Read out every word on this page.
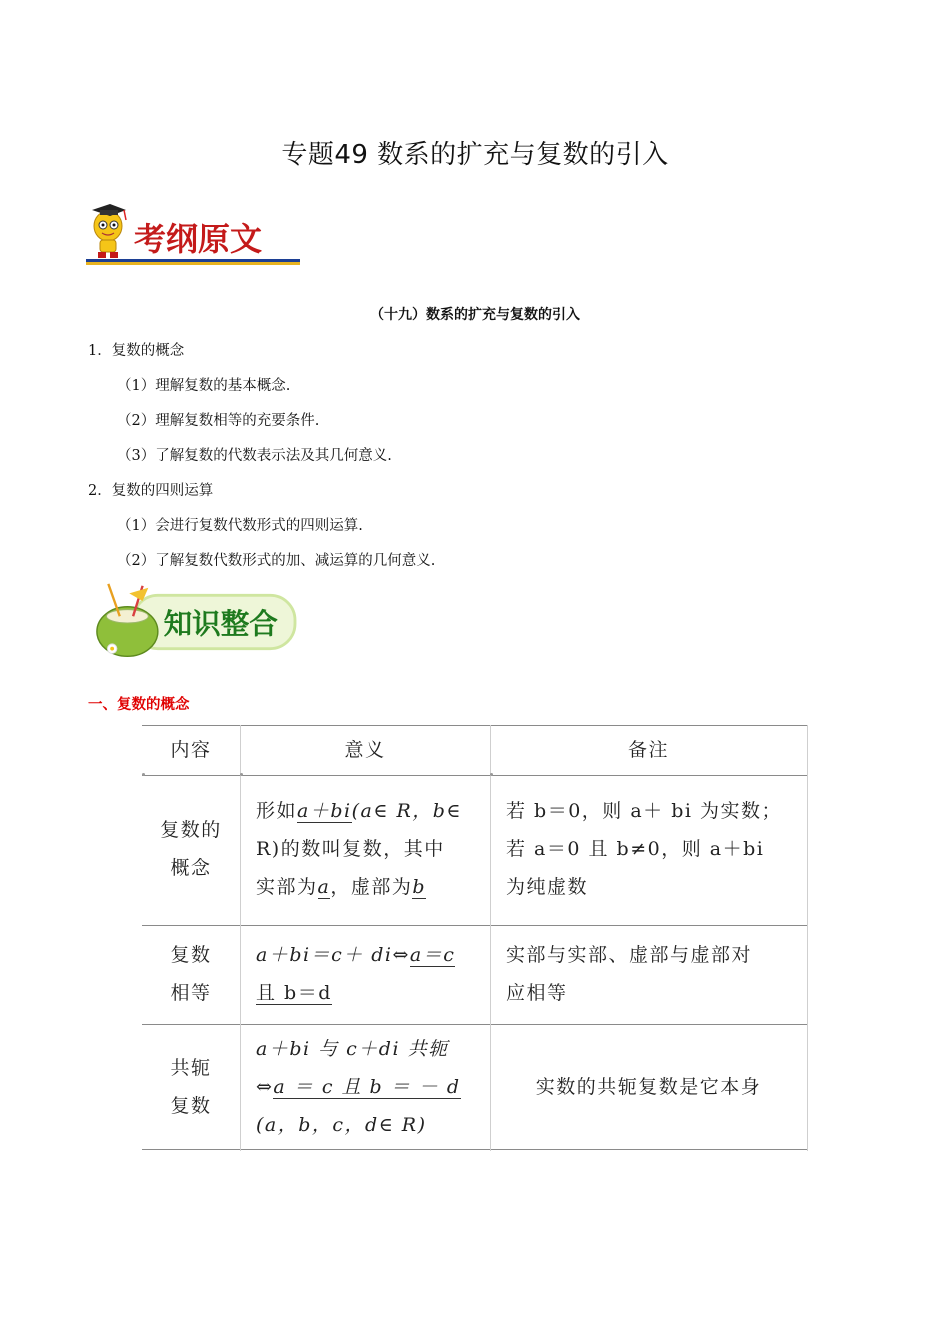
专题49 数系的扩充与复数的引入
考纲原文
（十九）数系的扩充与复数的引入
1．复数的概念
（1）理解复数的基本概念.
（2）理解复数相等的充要条件.
（3）了解复数的代数表示法及其几何意义.
2．复数的四则运算
（1）会进行复数代数形式的四则运算.
（2）了解复数代数形式的加、减运算的几何意义.
知识整合
一、复数的概念
内容	意义	备注
复数的
概念
形如a＋bi(a∈ R，b∈
R)的数叫复数，其中
实部为a，虚部为b
若 b＝0，则 a＋ bi 为实数；
若 a＝0 且 b≠0，则 a＋bi
为纯虚数
复数
相等
a＋bi＝c＋ di⇔a＝c
且 b＝d
实部与实部、虚部与虚部对
应相等
共轭
复数
a＋bi 与 c＋di 共轭
⇔a ＝ c 且 b ＝ － d
(a，b，c，d∈ R)
实数的共轭复数是它本身
